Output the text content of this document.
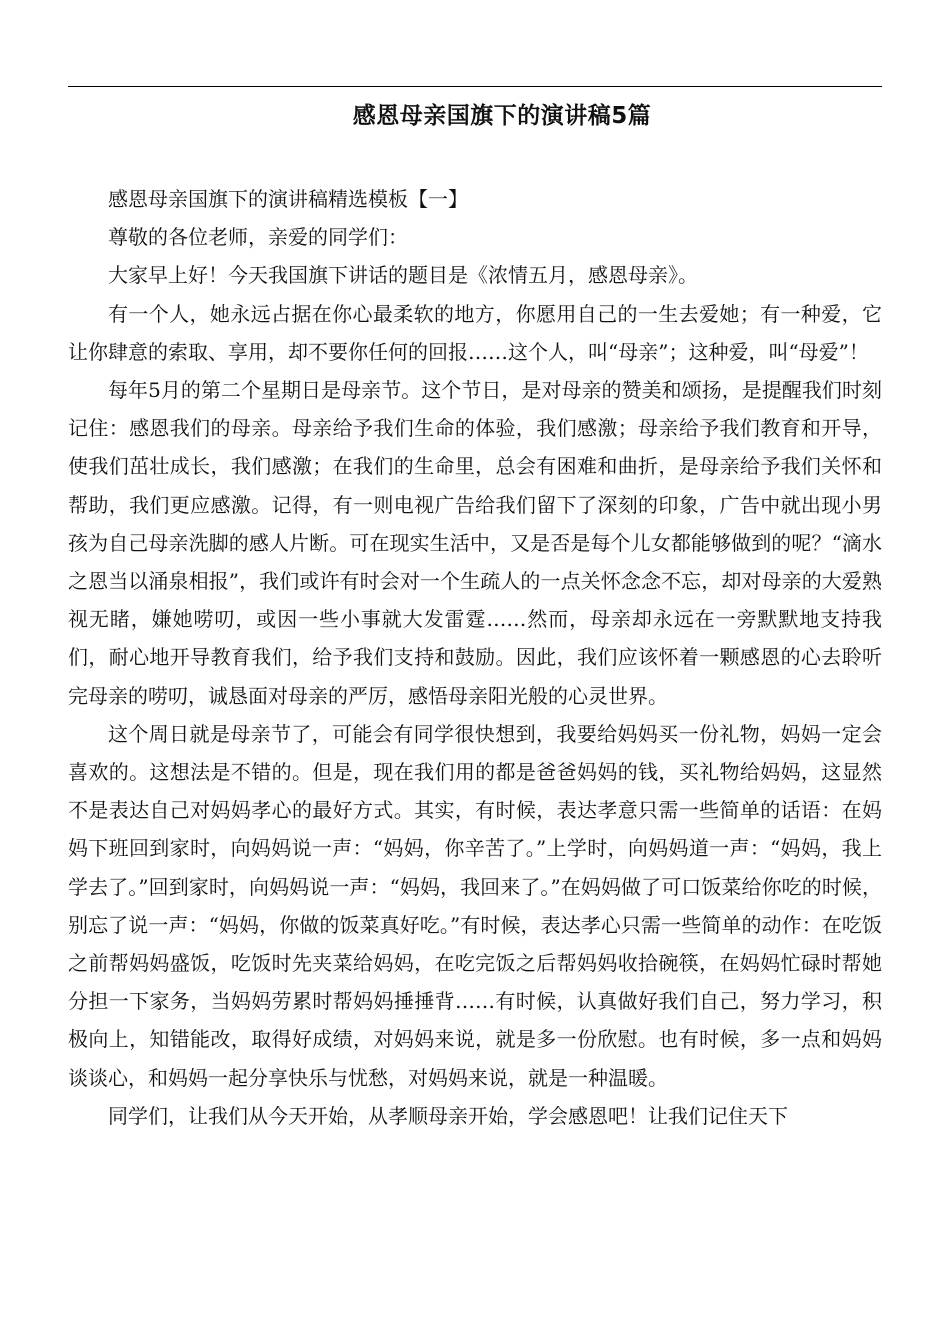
感恩母亲国旗下的演讲稿5篇

感恩母亲国旗下的演讲稿精选模板【一】

尊敬的各位老师，亲爱的同学们：

大家早上好！今天我国旗下讲话的题目是《浓情五月，感恩母亲》。

有一个人，她永远占据在你心最柔软的地方，你愿用自己的一生去爱她；有一种爱，它让你肆意的索取、享用，却不要你任何的回报……这个人，叫“母亲”；这种爱，叫“母爱”！

每年5月的第二个星期日是母亲节。这个节日，是对母亲的赞美和颂扬，是提醒我们时刻记住：感恩我们的母亲。母亲给予我们生命的体验，我们感激；母亲给予我们教育和开导，使我们茁壮成长，我们感激；在我们的生命里，总会有困难和曲折，是母亲给予我们关怀和帮助，我们更应感激。记得，有一则电视广告给我们留下了深刻的印象，广告中就出现小男孩为自己母亲洗脚的感人片断。可在现实生活中，又是否是每个儿女都能够做到的呢？“滴水之恩当以涌泉相报”，我们或许有时会对一个生疏人的一点关怀念念不忘，却对母亲的大爱熟视无睹，嫌她唠叨，或因一些小事就大发雷霆……然而，母亲却永远在一旁默默地支持我们，耐心地开导教育我们，给予我们支持和鼓励。因此，我们应该怀着一颗感恩的心去聆听完母亲的唠叨，诚恳面对母亲的严厉，感悟母亲阳光般的心灵世界。

这个周日就是母亲节了，可能会有同学很快想到，我要给妈妈买一份礼物，妈妈一定会喜欢的。这想法是不错的。但是，现在我们用的都是爸爸妈妈的钱，买礼物给妈妈，这显然不是表达自己对妈妈孝心的最好方式。其实，有时候，表达孝意只需一些简单的话语：在妈妈下班回到家时，向妈妈说一声：“妈妈，你辛苦了。”上学时，向妈妈道一声：“妈妈，我上学去了。”回到家时，向妈妈说一声：“妈妈，我回来了。”在妈妈做了可口饭菜给你吃的时候，别忘了说一声：“妈妈，你做的饭菜真好吃。”有时候，表达孝心只需一些简单的动作：在吃饭之前帮妈妈盛饭，吃饭时先夹菜给妈妈，在吃完饭之后帮妈妈收拾碗筷，在妈妈忙碌时帮她分担一下家务，当妈妈劳累时帮妈妈捶捶背……有时候，认真做好我们自己，努力学习，积极向上，知错能改，取得好成绩，对妈妈来说，就是多一份欣慰。也有时候，多一点和妈妈谈谈心，和妈妈一起分享快乐与忧愁，对妈妈来说，就是一种温暖。

同学们，让我们从今天开始，从孝顺母亲开始，学会感恩吧！让我们记住天下
